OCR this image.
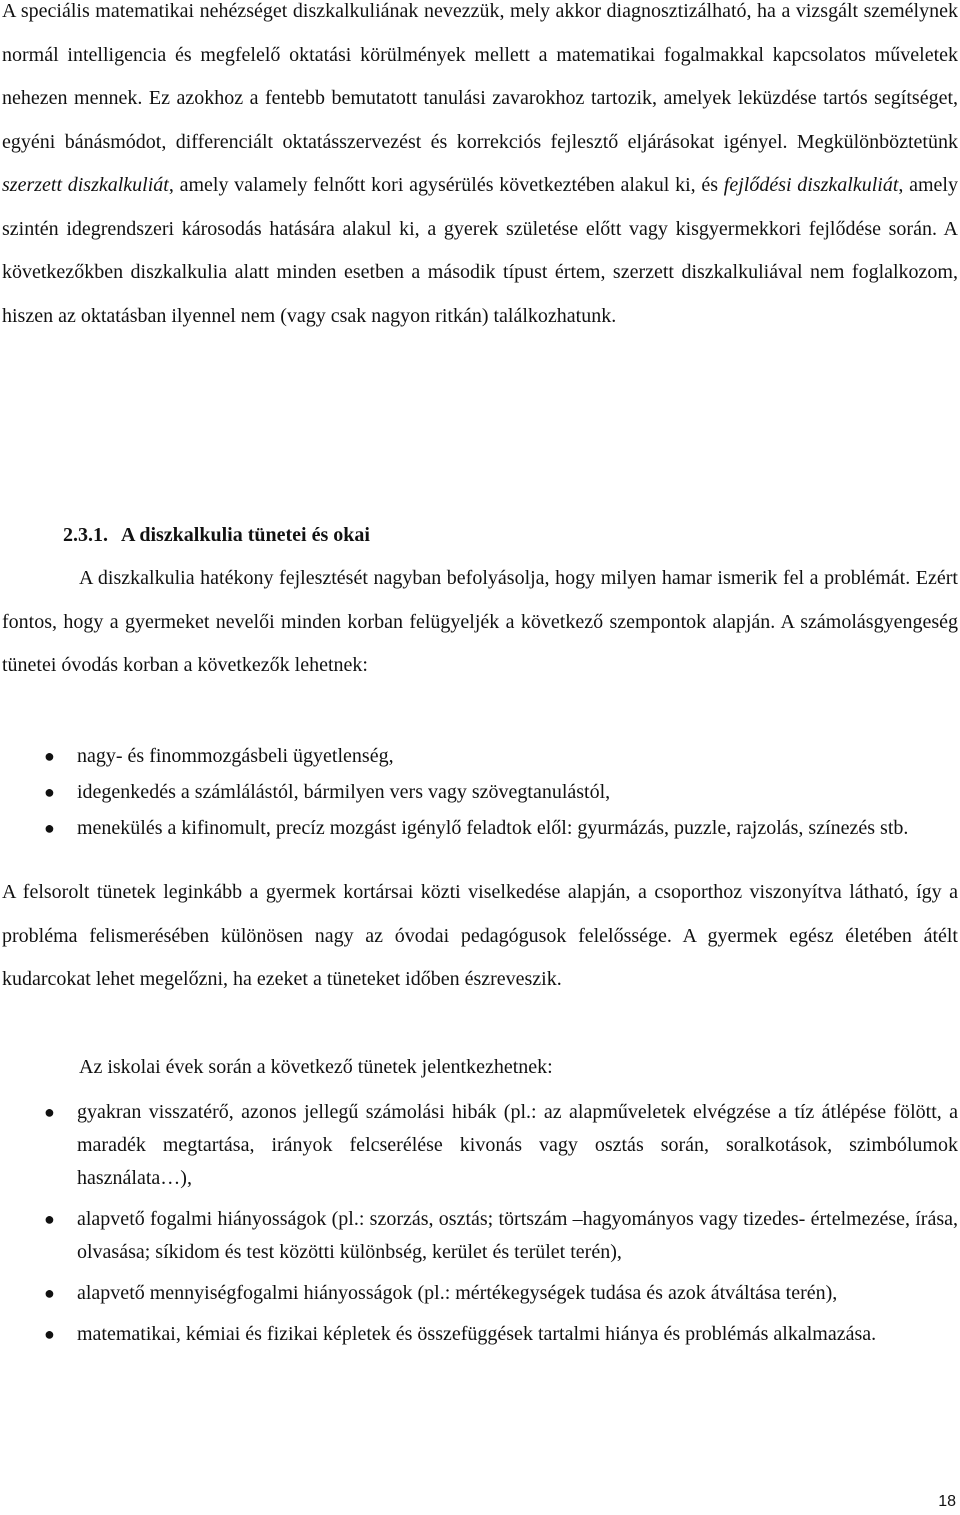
A speciális matematikai nehézséget diszkalkuliának nevezzük, mely akkor diagnosztizálható, ha a vizsgált személynek normál intelligencia és megfelelő oktatási körülmények mellett a matematikai fogalmakkal kapcsolatos műveletek nehezen mennek. Ez azokhoz a fentebb bemutatott tanulási zavarokhoz tartozik, amelyek leküzdése tartós segítséget, egyéni bánásmódot, differenciált oktatásszervezést és korrekciós fejlesztő eljárásokat igényel. Megkülönböztetünk szerzett diszkalkuliát, amely valamely felnőtt kori agysérülés következtében alakul ki, és fejlődési diszkalkuliát, amely szintén idegrendszeri károsodás hatására alakul ki, a gyerek születése előtt vagy kisgyermekkori fejlődése során. A következőkben diszkalkulia alatt minden esetben a második típust értem, szerzett diszkalkuliával nem foglalkozom, hiszen az oktatásban ilyennel nem (vagy csak nagyon ritkán) találkozhatunk.

2.3.1. A diszkalkulia tünetei és okai

A diszkalkulia hatékony fejlesztését nagyban befolyásolja, hogy milyen hamar ismerik fel a problémát. Ezért fontos, hogy a gyermeket nevelői minden korban felügyeljék a következő szempontok alapján. A számolásgyengeség tünetei óvodás korban a következők lehetnek:

● nagy- és finommozgásbeli ügyetlenség,
● idegenkedés a számlálástól, bármilyen vers vagy szövegtanulástól,
● menekülés a kifinomult, precíz mozgást igénylő feladtok elől: gyurmázás, puzzle, rajzolás, színezés stb.

A felsorolt tünetek leginkább a gyermek kortársai közti viselkedése alapján, a csoporthoz viszonyítva látható, így a probléma felismerésében különösen nagy az óvodai pedagógusok felelőssége. A gyermek egész életében átélt kudarcokat lehet megelőzni, ha ezeket a tüneteket időben észreveszik.

Az iskolai évek során a következő tünetek jelentkezhetnek:

● gyakran visszatérő, azonos jellegű számolási hibák (pl.: az alapműveletek elvégzése a tíz átlépése fölött, a maradék megtartása, irányok felcserélése kivonás vagy osztás során, soralkotások, szimbólumok használata…),
● alapvető fogalmi hiányosságok (pl.: szorzás, osztás; törtszám –hagyományos vagy tizedes- értelmezése, írása, olvasása; síkidom és test közötti különbség, kerület és terület terén),
● alapvető mennyiségfogalmi hiányosságok (pl.: mértékegységek tudása és azok átváltása terén),
● matematikai, kémiai és fizikai képletek és összefüggések tartalmi hiánya és problémás alkalmazása.
18
